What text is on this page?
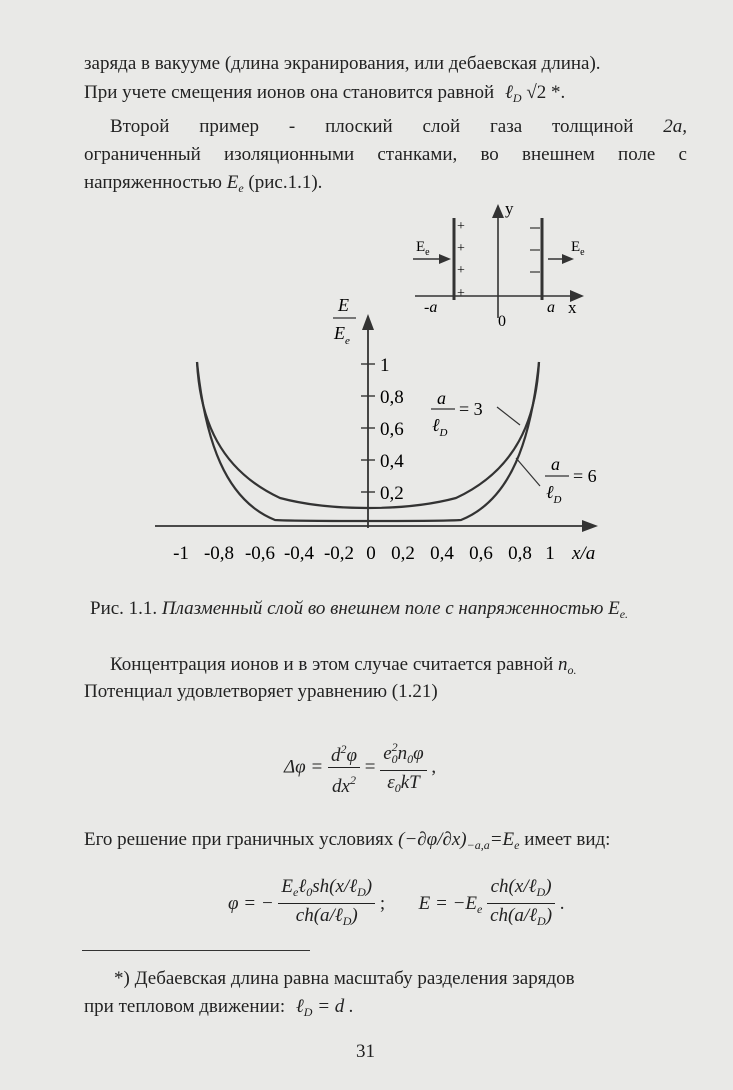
заряда в вакууме (длина экранирования, или дебаевская длина).
При учете смещения ионов она становится равной ℓ$_D$ √2 *.
Второй пример - плоский слой газа толщиной 2a,
ограниченный изоляционными станками, во внешнем поле с
напряженностью $E_e$ (рис.1.1).
y
x
0
-a	a
$E_e$	$E_e$
+
+
+
+
1
0,8
0,6
0,4
0,2
E
$E_e$
a
ℓ$_D$
= 3
a
ℓ$_D$
= 6
-1 -0,8 -0,6 -0,4 -0,2 0 0,2 0,4 0,6 0,8 1 x/a
Рис. 1.1. Плазменный слой во внешнем поле с напряженностью $E_{e.}$
Концентрация ионов и в этом случае считается равной $n_{o.}$
Потенциал удовлетворяет уравнению (1.21)
$\Delta\varphi = \frac{d^2\varphi}{dx^2} = \frac{e^2_0n_0\varphi}{\varepsilon_0kT}$ ,
Его решение при граничных условиях $(-\partial\varphi/\partial x)_{-a,a}=E_e$ имеет вид:
φ = − $\frac{E_e\ell_0sh(x/\ell_D)}{ch(a/\ell_D)}$ ; $E = -E_e \frac{ch(x/\ell_D)}{ch(a/\ell_D)}$ .
*) Дебаевская длина равна масштабу разделения зарядов
при тепловом движении: ℓ$_D$ = d .
31
